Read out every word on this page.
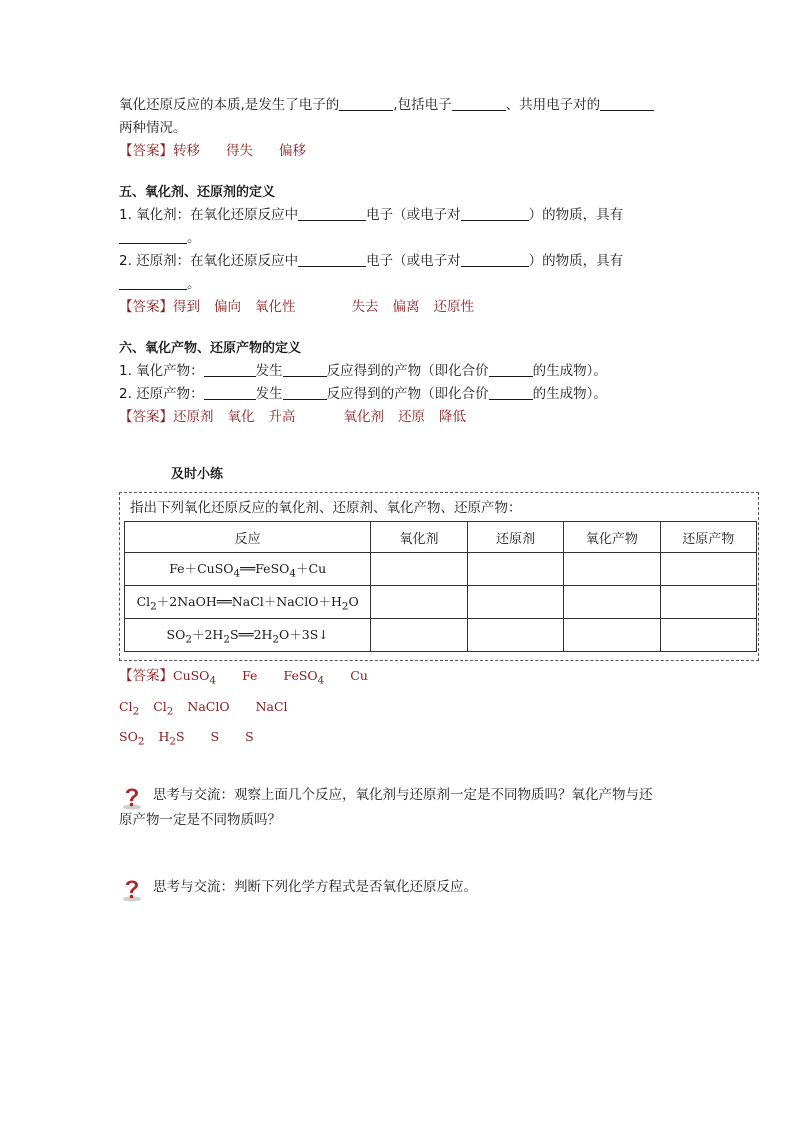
氧化还原反应的本质,是发生了电子的	,包括电子	、共用电子对的
两种情况。
【答案】转移 得失 偏移
五、氧化剂、还原剂的定义
1. 氧化剂：在氧化还原反应中	电子（或电子对	）的物质，具有
。
2. 还原剂：在氧化还原反应中	电子（或电子对	）的物质，具有
。
【答案】得到 偏向 氧化性	失去 偏离 还原性
六、氧化产物、还原产物的定义
1. 氧化产物：	发生	反应得到的产物（即化合价	的生成物）。
2. 还原产物：	发生	反应得到的产物（即化合价	的生成物）。
【答案】还原剂 氧化 升高	氧化剂 还原 降低
及时小练
指出下列氧化还原反应的氧化剂、还原剂、氧化产物、还原产物：
反应	氧化剂	还原剂	氧化产物	还原产物
Fe＋CuSO$_4$══FeSO$_4$＋Cu				
$Cl_2+2NaOH══NaCl+NaClO+H_2O$				
$SO_2+2H_2S══2H_2O+3S↓$				
【答案】CuSO$_4$ Fe FeSO$_4$ Cu
$Cl_2$ $Cl_2$ NaClO NaCl
$SO_2$ $H_2S$ S S
思考与交流：观察上面几个反应，氧化剂与还原剂一定是不同物质吗？氧化产物与还
原产物一定是不同物质吗？
思考与交流：判断下列化学方程式是否氧化还原反应。
